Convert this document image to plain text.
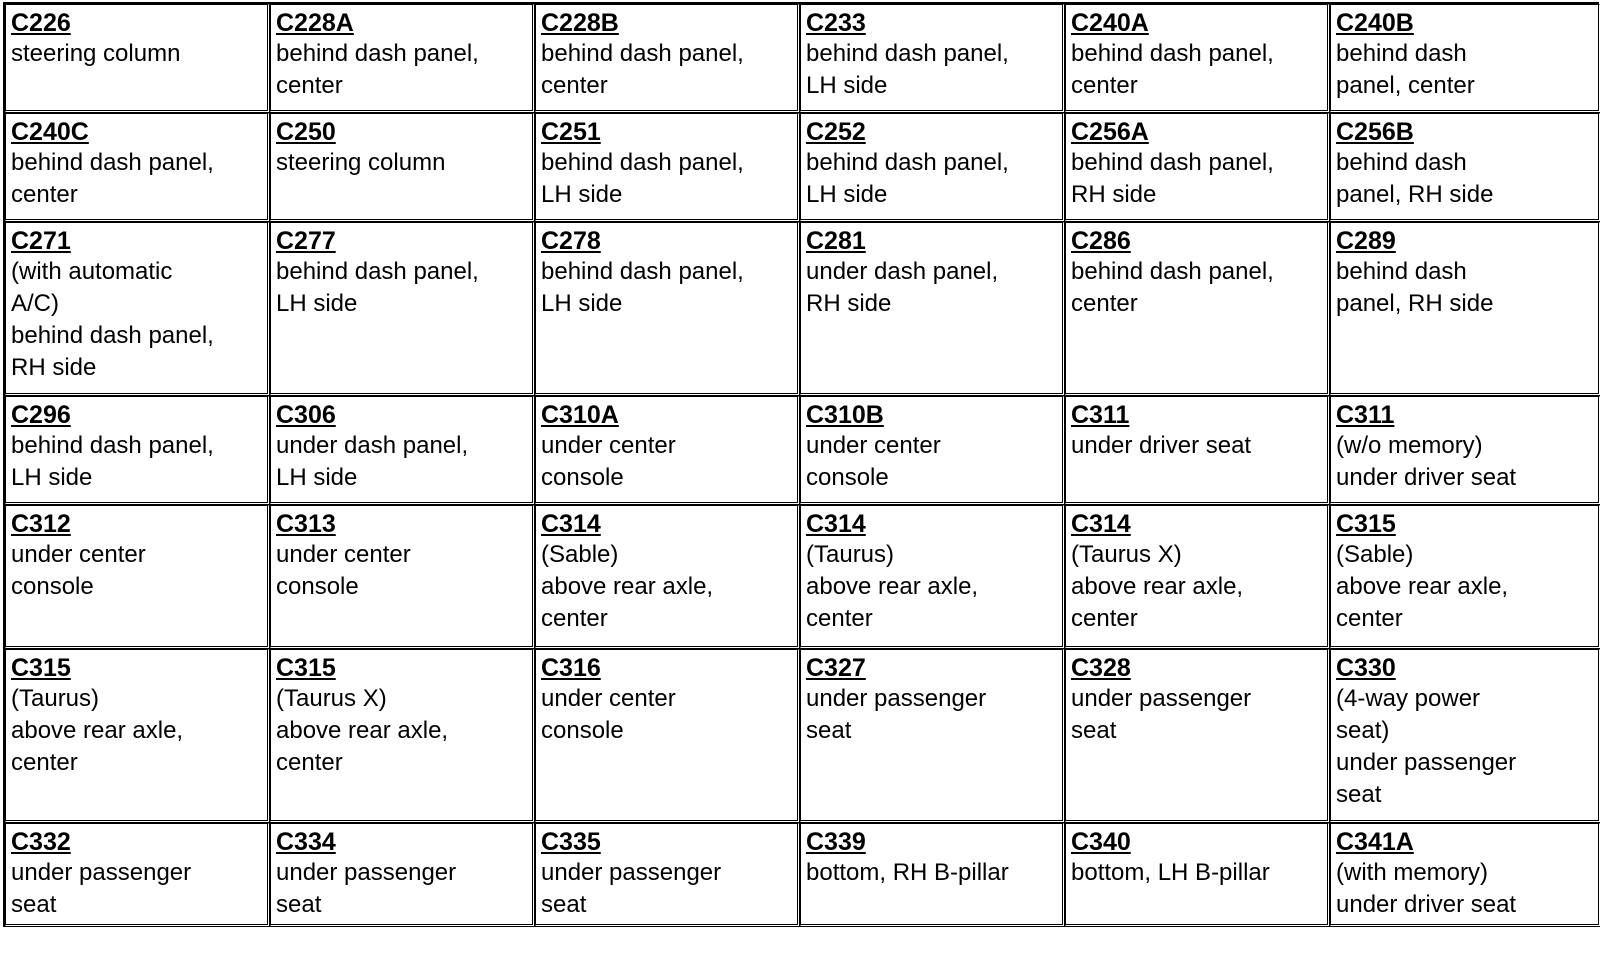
C226
steering column
C228A
behind dash panel,
center
C228B
behind dash panel,
center
C233
behind dash panel,
LH side
C240A
behind dash panel,
center
C240B
behind dash
panel, center
C240C
behind dash panel,
center
C250
steering column
C251
behind dash panel,
LH side
C252
behind dash panel,
LH side
C256A
behind dash panel,
RH side
C256B
behind dash
panel, RH side
C271
(with automatic
A/C)
behind dash panel,
RH side
C277
behind dash panel,
LH side
C278
behind dash panel,
LH side
C281
under dash panel,
RH side
C286
behind dash panel,
center
C289
behind dash
panel, RH side
C296
behind dash panel,
LH side
C306
under dash panel,
LH side
C310A
under center
console
C310B
under center
console
C311
under driver seat
C311
(w/o memory)
under driver seat
C312
under center
console
C313
under center
console
C314
(Sable)
above rear axle,
center
C314
(Taurus)
above rear axle,
center
C314
(Taurus X)
above rear axle,
center
C315
(Sable)
above rear axle,
center
C315
(Taurus)
above rear axle,
center
C315
(Taurus X)
above rear axle,
center
C316
under center
console
C327
under passenger
seat
C328
under passenger
seat
C330
(4-way power
seat)
under passenger
seat
C332
under passenger
seat
C334
under passenger
seat
C335
under passenger
seat
C339
bottom, RH B-pillar
C340
bottom, LH B-pillar
C341A
(with memory)
under driver seat
